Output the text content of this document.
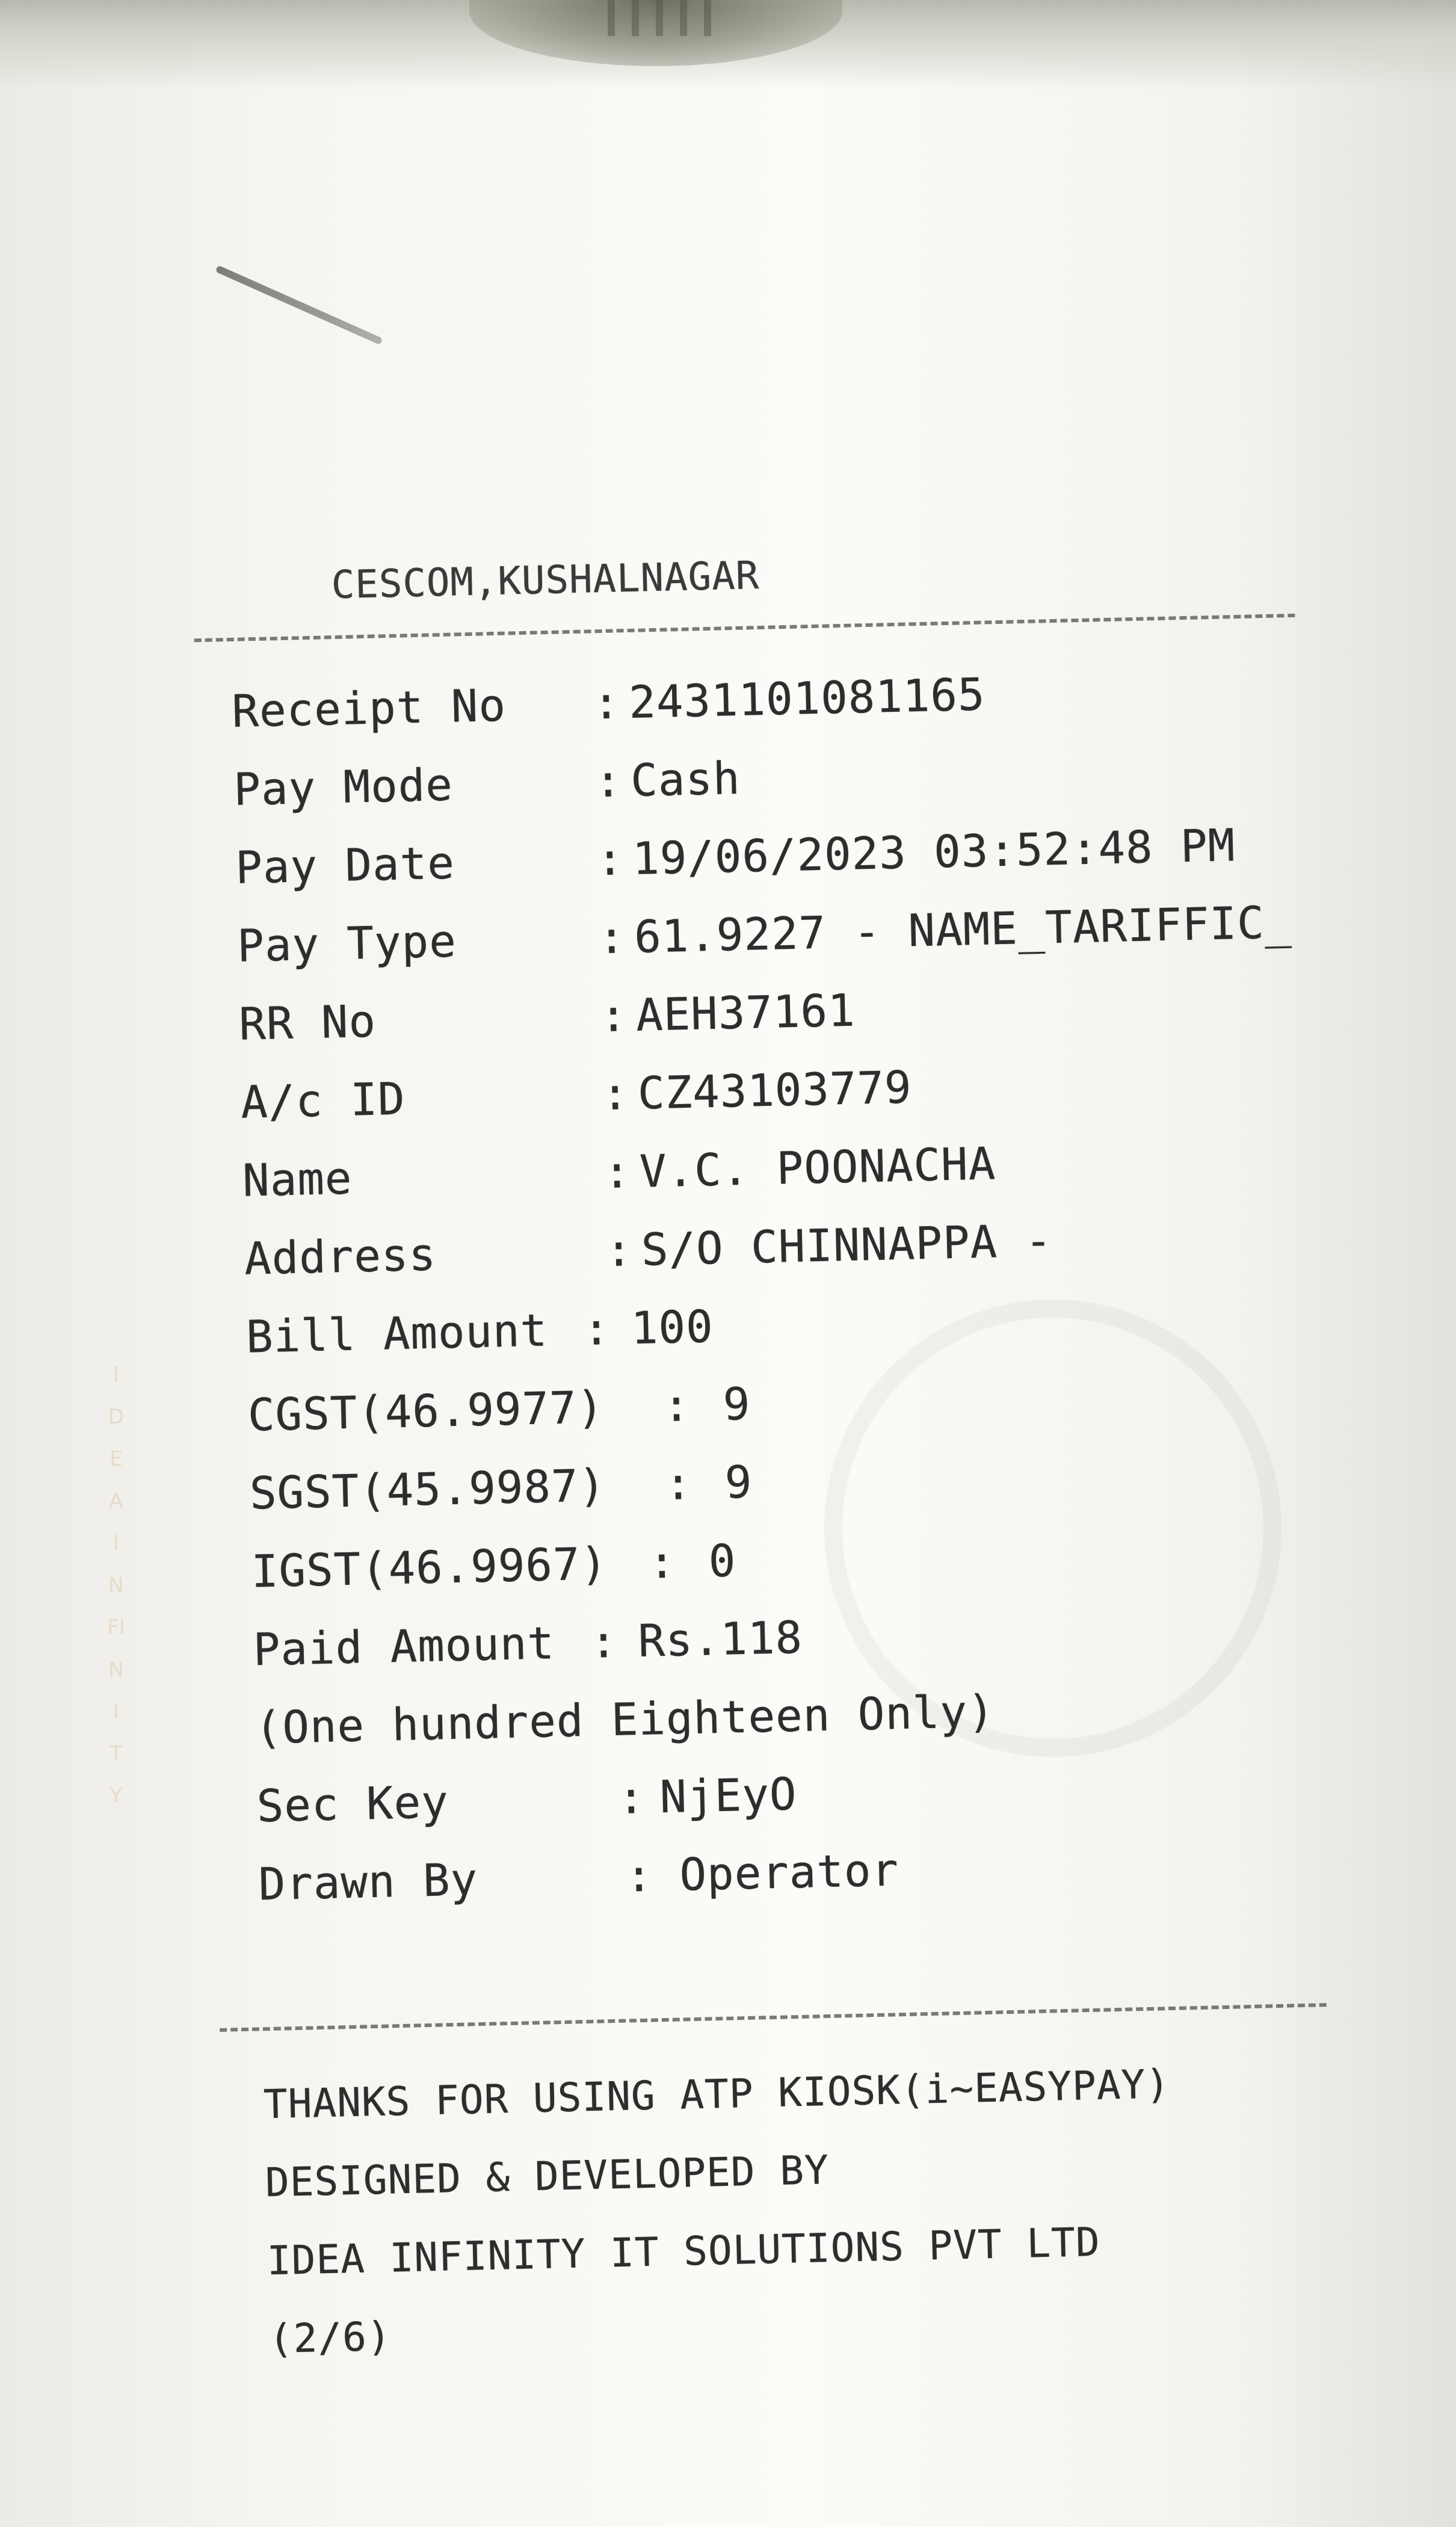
IDEA INFINITY
CESCOM,KUSHALNAGAR
Receipt No : 2431101081165
Pay Mode	: Cash
Pay Date	: 19/06/2023 03:52:48 PM
Pay Type	: 61.9227 - NAME_TARIFFIC_
RR No	: AEH37161
A/c ID	: CZ43103779
Name	: V.C. POONACHA
Address	: S/O CHINNAPPA -
Bill Amount : 100
CGST(46.9977) : 9
SGST(45.9987) : 9
IGST(46.9967) : 0
Paid Amount : Rs.118
(One hundred Eighteen Only)
Sec Key	: NjEyO
Drawn By	: Operator
THANKS FOR USING ATP KIOSK(i~EASYPAY)
DESIGNED & DEVELOPED BY
IDEA INFINITY IT SOLUTIONS PVT LTD
(2/6)
